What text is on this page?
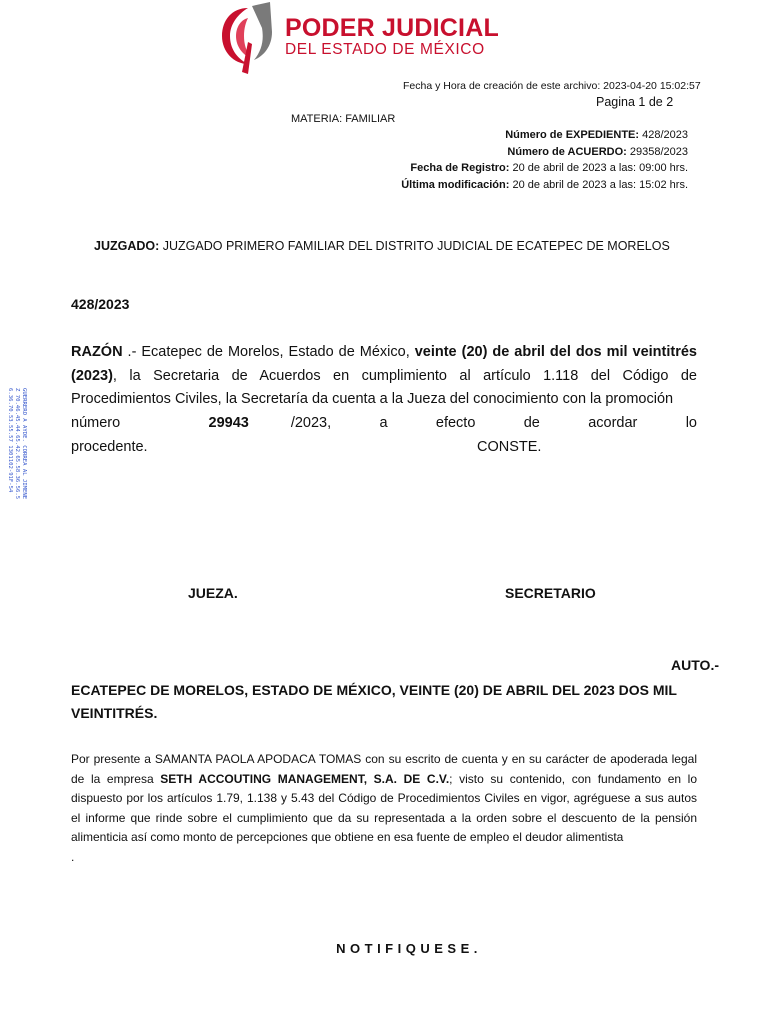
PODER JUDICIAL
DEL ESTADO DE MÉXICO
Fecha y Hora de creación de este archivo: 2023-04-20 15:02:57
Pagina 1 de 2
MATERIA: FAMILIAR
Número de EXPEDIENTE: 428/2023
Número de ACUERDO: 29358/2023
Fecha de Registro: 20 de abril de 2023 a las: 09:00 hrs.
Última modificación: 20 de abril de 2023 a las: 15:02 hrs.
GUERRERO A AYDE. CORREA AL JIMENEZ 70.46.45.44.65.42.65.58.36.56.56.36.70.53.55.57 1301102-91F-54
JUZGADO: JUZGADO PRIMERO FAMILIAR DEL DISTRITO JUDICIAL DE ECATEPEC DE MORELOS
428/2023
RAZÓN .- Ecatepec de Morelos, Estado de México, veinte (20) de abril del dos mil veintitrés (2023), la Secretaria de Acuerdos en cumplimiento al artículo 1.118 del Código de Procedimientos Civiles, la Secretaría da cuenta a la Jueza del conocimiento con la promoción
número	29943	/2023,	a	efecto	de	acordar	lo
procedente.	CONSTE.
JUEZA.	SECRETARIO
AUTO.-
ECATEPEC DE MORELOS, ESTADO DE MÉXICO, VEINTE (20) DE ABRIL DEL 2023 DOS MIL VEINTITRÉS.
Por presente a SAMANTA PAOLA APODACA TOMAS con su escrito de cuenta y en su carácter de apoderada legal de la empresa SETH ACCOUTING MANAGEMENT, S.A. DE C.V.; visto su contenido, con fundamento en lo dispuesto por los artículos 1.79, 1.138 y 5.43 del Código de Procedimientos Civiles en vigor, agréguese a sus autos el informe que rinde sobre el cumplimiento que da su representada a la orden sobre el descuento de la pensión alimenticia así como monto de percepciones que obtiene en esa fuente de empleo el deudor alimentista
.
NOTIFIQUESE.
